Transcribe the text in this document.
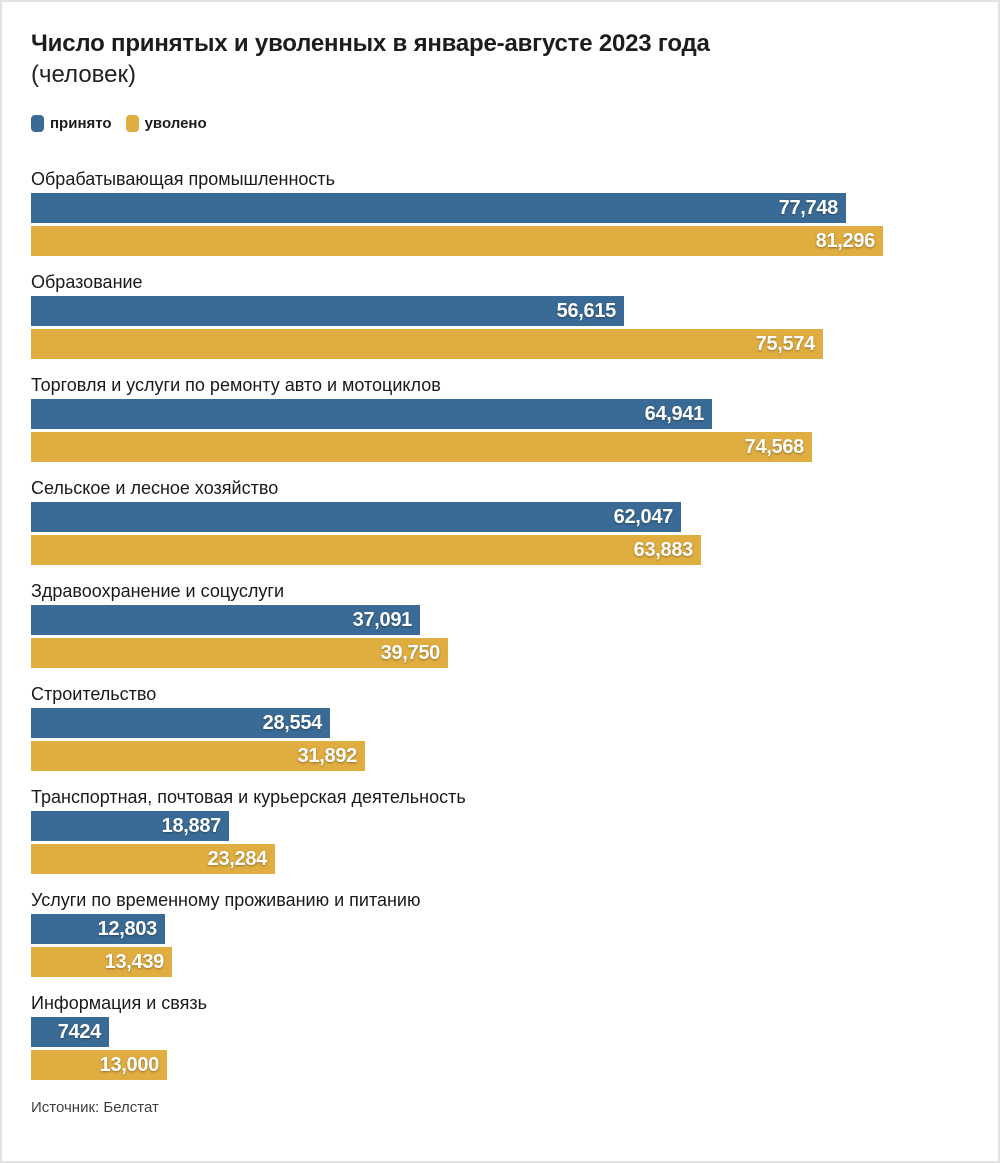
Число принятых и уволенных в январе-августе 2023 года
(человек)
принято уволено
Обрабатывающая промышленность
77,748
81,296
Образование
56,615
75,574
Торговля и услуги по ремонту авто и мотоциклов
64,941
74,568
Сельское и лесное хозяйство
62,047
63,883
Здравоохранение и соцуслуги
37,091
39,750
Строительство
28,554
31,892
Транспортная, почтовая и курьерская деятельность
18,887
23,284
Услуги по временному проживанию и питанию
12,803
13,439
Информация и связь
7424
13,000
Источник: Белстат
